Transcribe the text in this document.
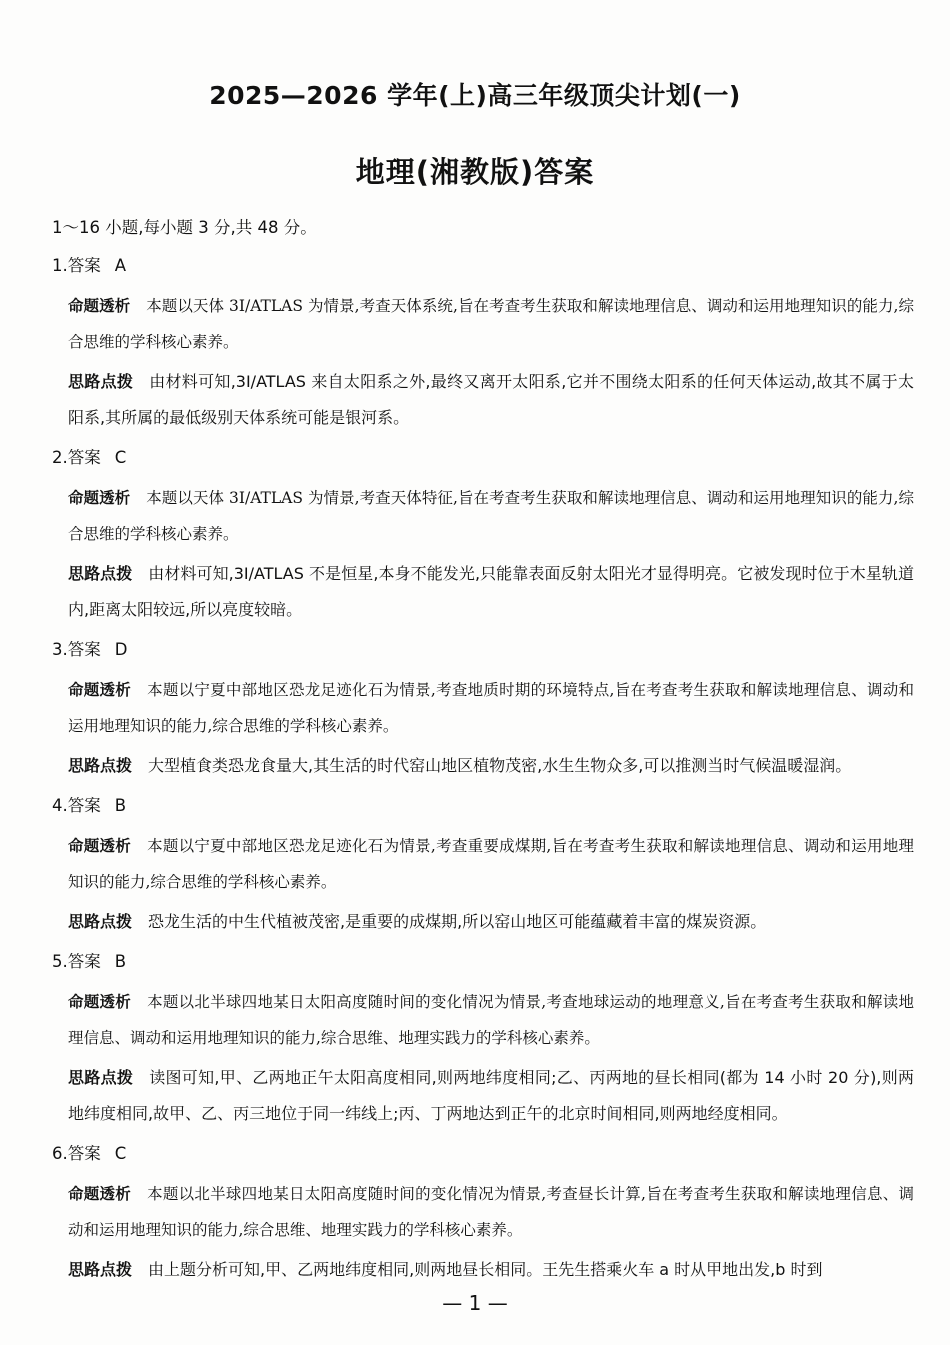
2025—2026 学年(上)高三年级顶尖计划(一)
地理(湘教版)答案
1～16 小题,每小题 3 分,共 48 分。
1.答案 A
命题透析 本题以天体 3I/ATLAS 为情景,考查天体系统,旨在考查考生获取和解读地理信息、调动和运用地理知识的能力,综合思维的学科核心素养。
思路点拨 由材料可知,3I/ATLAS 来自太阳系之外,最终又离开太阳系,它并不围绕太阳系的任何天体运动,故其不属于太阳系,其所属的最低级别天体系统可能是银河系。
2.答案 C
命题透析 本题以天体 3I/ATLAS 为情景,考查天体特征,旨在考查考生获取和解读地理信息、调动和运用地理知识的能力,综合思维的学科核心素养。
思路点拨 由材料可知,3I/ATLAS 不是恒星,本身不能发光,只能靠表面反射太阳光才显得明亮。它被发现时位于木星轨道内,距离太阳较远,所以亮度较暗。
3.答案 D
命题透析 本题以宁夏中部地区恐龙足迹化石为情景,考查地质时期的环境特点,旨在考查考生获取和解读地理信息、调动和运用地理知识的能力,综合思维的学科核心素养。
思路点拨 大型植食类恐龙食量大,其生活的时代窑山地区植物茂密,水生生物众多,可以推测当时气候温暖湿润。
4.答案 B
命题透析 本题以宁夏中部地区恐龙足迹化石为情景,考查重要成煤期,旨在考查考生获取和解读地理信息、调动和运用地理知识的能力,综合思维的学科核心素养。
思路点拨 恐龙生活的中生代植被茂密,是重要的成煤期,所以窑山地区可能蕴藏着丰富的煤炭资源。
5.答案 B
命题透析 本题以北半球四地某日太阳高度随时间的变化情况为情景,考查地球运动的地理意义,旨在考查考生获取和解读地理信息、调动和运用地理知识的能力,综合思维、地理实践力的学科核心素养。
思路点拨 读图可知,甲、乙两地正午太阳高度相同,则两地纬度相同;乙、丙两地的昼长相同(都为 14 小时 20 分),则两地纬度相同,故甲、乙、丙三地位于同一纬线上;丙、丁两地达到正午的北京时间相同,则两地经度相同。
6.答案 C
命题透析 本题以北半球四地某日太阳高度随时间的变化情况为情景,考查昼长计算,旨在考查考生获取和解读地理信息、调动和运用地理知识的能力,综合思维、地理实践力的学科核心素养。
思路点拨 由上题分析可知,甲、乙两地纬度相同,则两地昼长相同。王先生搭乘火车 a 时从甲地出发,b 时到
— 1 —
